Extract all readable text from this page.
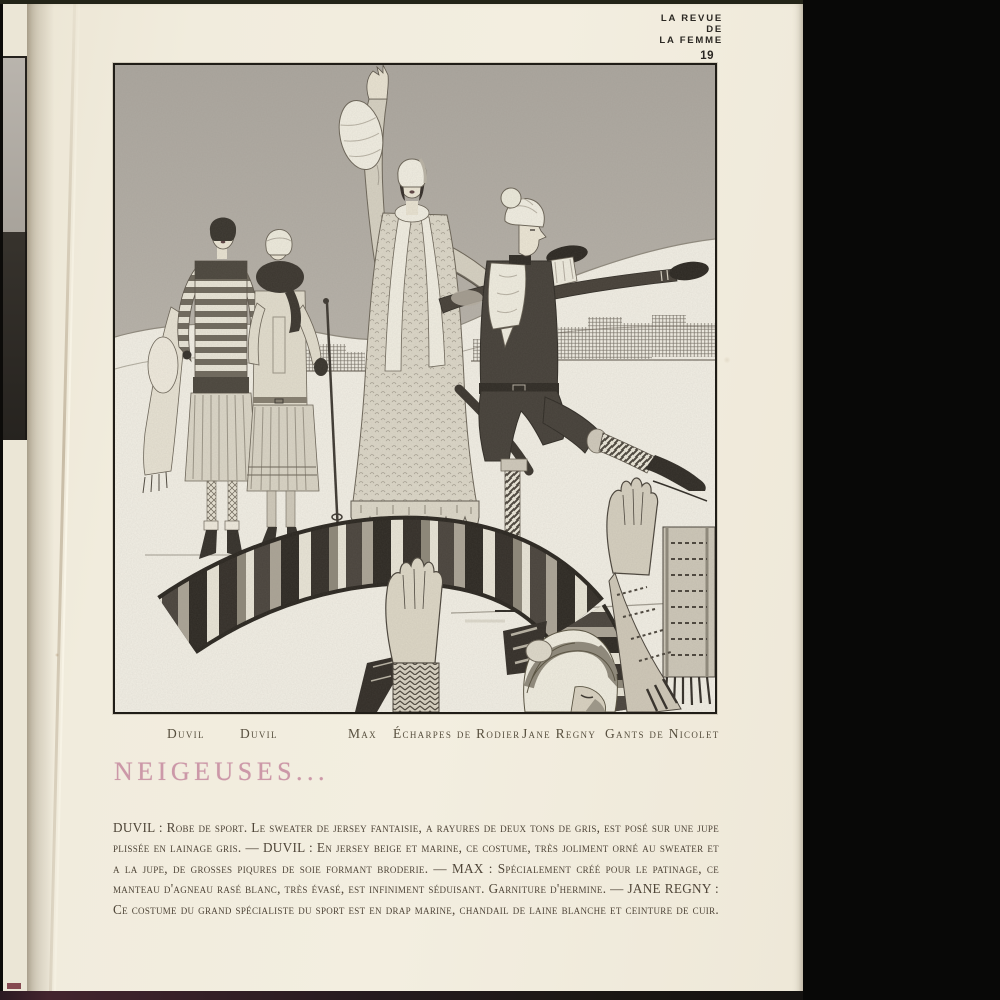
LA REVUE
DE
LA FEMME
19
Duvil	Duvil	Max Écharpes de Rodier Jane Regny Gants de Nicolet
NEIGEUSES...
DUVIL : Robe de sport. Le sweater de jersey fantaisie, a rayures de deux tons de gris, est posé sur une jupe
plissée en lainage gris. — DUVIL : En jersey beige et marine, ce costume, très joliment orné au sweater et
a la jupe, de grosses piqures de soie formant broderie. — MAX : Spécialement créé pour le patinage, ce
manteau d'agneau rasé blanc, très évasé, est infiniment séduisant. Garniture d'hermine. — JANE REGNY :
Ce costume du grand spécialiste du sport est en drap marine, chandail de laine blanche et ceinture de cuir.
